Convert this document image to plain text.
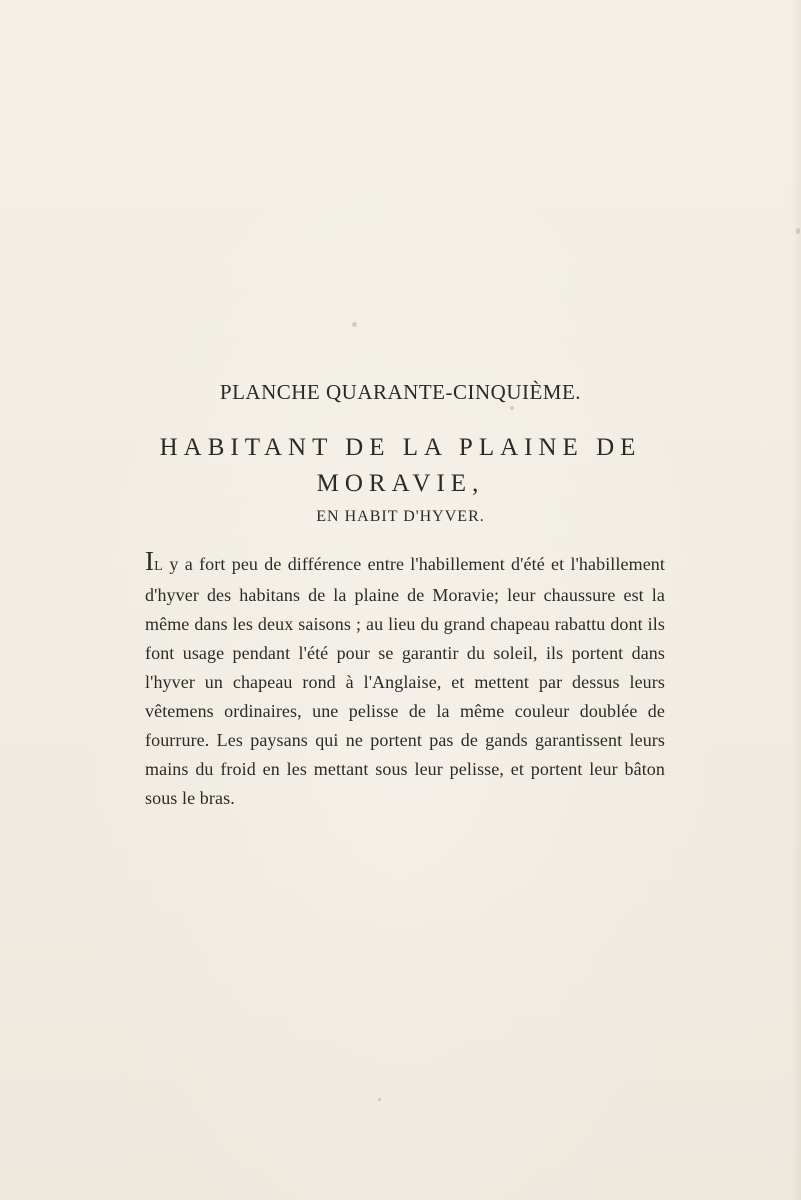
PLANCHE QUARANTE-CINQUIÈME.
HABITANT DE LA PLAINE DE
MORAVIE,
EN HABIT D'HYVER.
IL y a fort peu de différence entre l'habillement d'été et l'habillement d'hyver des habitans de la plaine de Moravie; leur chaussure est la même dans les deux saisons ; au lieu du grand chapeau rabattu dont ils font usage pendant l'été pour se garantir du soleil, ils portent dans l'hyver un chapeau rond à l'Anglaise, et mettent par dessus leurs vêtemens ordinaires, une pelisse de la même couleur doublée de fourrure. Les paysans qui ne portent pas de gands garantissent leurs mains du froid en les mettant sous leur pelisse, et portent leur bâton sous le bras.
